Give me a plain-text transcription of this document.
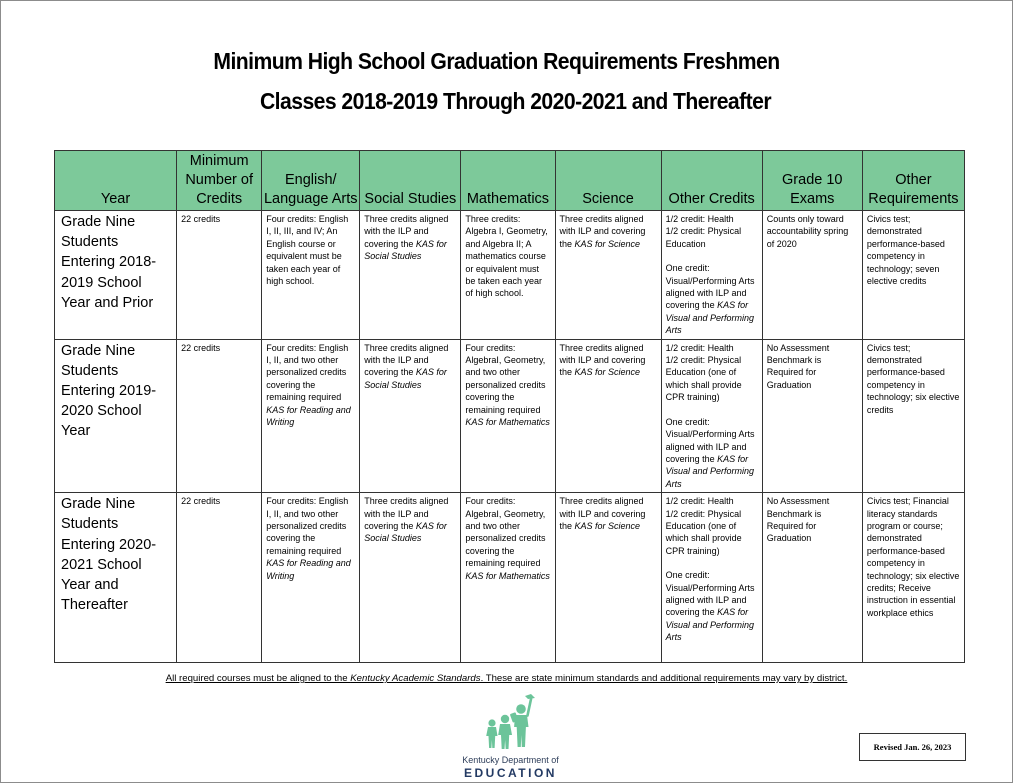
Minimum High School Graduation Requirements Freshmen
Classes 2018-2019 Through 2020-2021 and Thereafter
Year	Minimum Number of Credits	English/ Language Arts	Social Studies	Mathematics	Science	Other Credits	Grade 10 Exams	Other Requirements
Grade Nine Students Entering 2018-2019 School Year and Prior	22 credits	Four credits: English I, II, III, and IV; An English course or equivalent must be taken each year of high school.	Three credits aligned with the ILP and covering the KAS for Social Studies	Three credits: Algebra I, Geometry, and Algebra II; A mathematics course or equivalent must be taken each year of high school.	Three credits aligned with ILP and covering the KAS for Science	1/2 credit: Health
1/2 credit: Physical Education
One credit: Visual/Performing Arts aligned with ILP and covering the KAS for Visual and Performing Arts	Counts only toward accountability spring of 2020	Civics test; demonstrated performance-based competency in technology; seven elective credits
Grade Nine Students Entering 2019-2020 School Year	22 credits	Four credits: English I, II, and two other personalized credits covering the remaining required KAS for Reading and Writing	Three credits aligned with the ILP and covering the KAS for Social Studies	Four credits: AlgebraI, Geometry, and two other personalized credits covering the remaining required KAS for Mathematics	Three credits aligned with ILP and covering the KAS for Science	1/2 credit: Health
1/2 credit: Physical Education (one of which shall provide CPR training)
One credit: Visual/Performing Arts aligned with ILP and covering the KAS for Visual and Performing Arts	No Assessment Benchmark is Required for Graduation	Civics test; demonstrated performance-based competency in technology; six elective credits
Grade Nine Students Entering 2020-2021 School Year and Thereafter	22 credits	Four credits: English I, II, and two other personalized credits covering the remaining required KAS for Reading and Writing	Three credits aligned with the ILP and covering the KAS for Social Studies	Four credits: AlgebraI, Geometry, and two other personalized credits covering the remaining required KAS for Mathematics	Three credits aligned with ILP and covering the KAS for Science	1/2 credit: Health
1/2 credit: Physical Education (one of which shall provide CPR training)
One credit: Visual/Performing Arts aligned with ILP and covering the KAS for Visual and Performing Arts	No Assessment Benchmark is Required for Graduation	Civics test; Financial literacy standards program or course; demonstrated performance-based competency in technology; six elective credits; Receive instruction in essential workplace ethics
All required courses must be aligned to the Kentucky Academic Standards. These are state minimum standards and additional requirements may vary by district.
Kentucky Department of
EDUCATION
Revised Jan. 26, 2023
